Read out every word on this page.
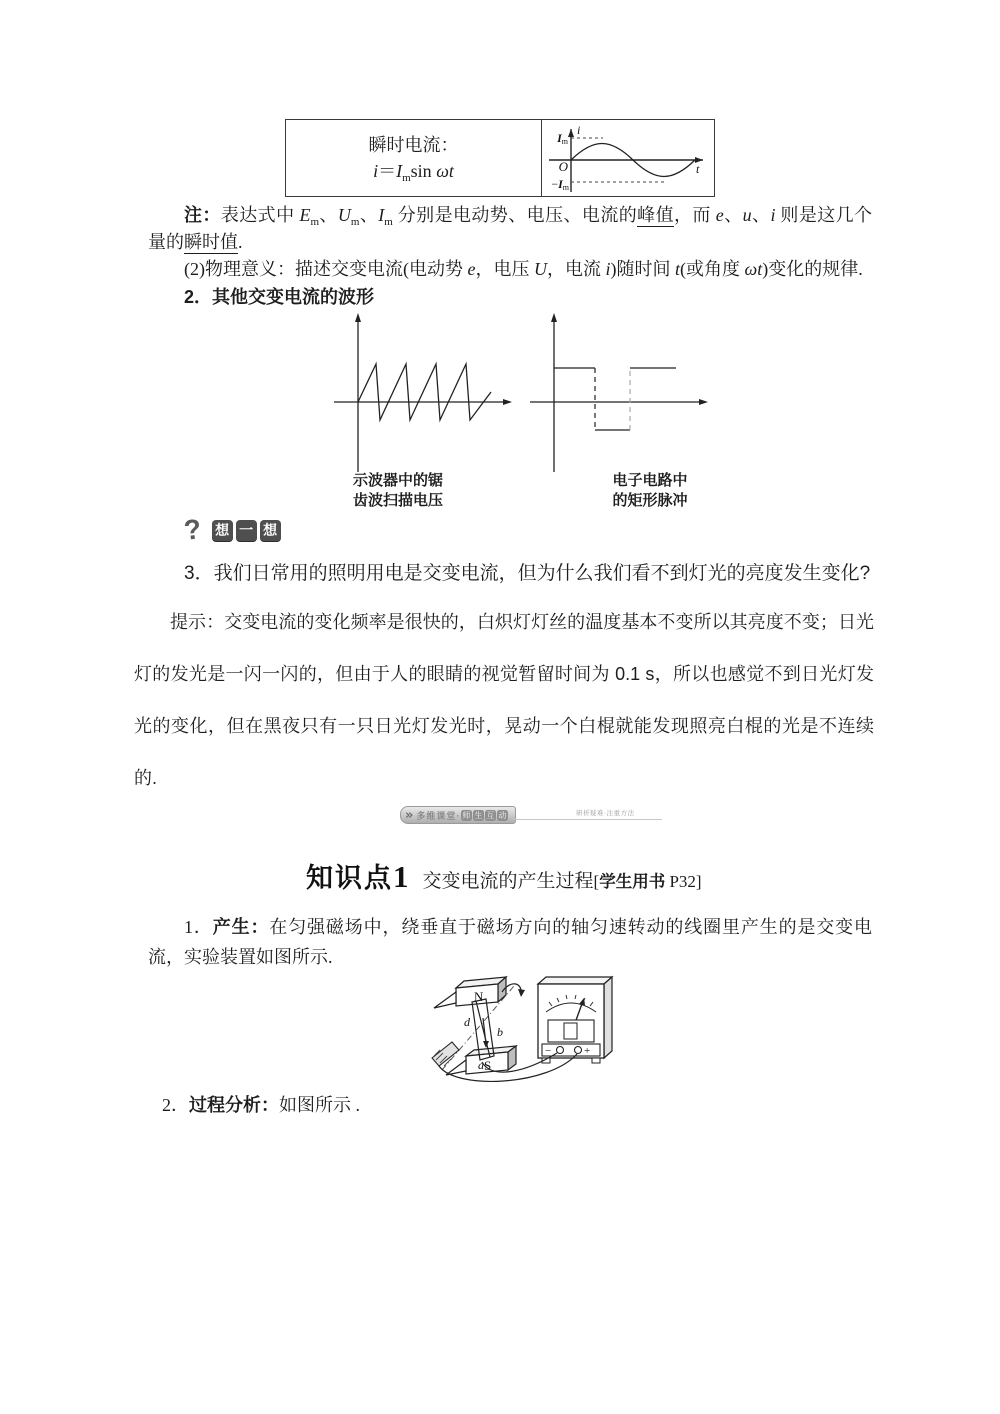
瞬时电流：
$i=I_m\sin$ ωt
Im
O
−Im
i
t

注：表达式中 $E_m$、$U_m$、$I_m$ 分别是电动势、电压、电流的峰值，而 e、u、i 则是这几个量的瞬时值.

(2)物理意义：描述交变电流(电动势 e，电压 U，电流 i)随时间 t(或角度 ωt)变化的规律.

2．其他交变电流的波形

示波器中的锯
齿波扫描电压
电子电路中
的矩形脉冲
? 想 一 想

3．我们日常用的照明用电是交变电流，但为什么我们看不到灯光的亮度发生变化?

提示：交变电流的变化频率是很快的，白炽灯灯丝的温度基本不变所以其亮度不变；日光灯的发光是一闪一闪的，但由于人的眼睛的视觉暂留时间为 0.1 s，所以也感觉不到日光灯发光的变化，但在黑夜只有一只日光灯发光时，晃动一个白棍就能发现照亮白棍的光是不连续的.

» 多维课堂· 师 生 互 动	研析疑难·注重方法
知识点1 交变电流的产生过程[学生用书 P32]

1．产生：在匀强磁场中，绕垂直于磁场方向的轴匀速转动的线圈里产生的是交变电流，实验装置如图所示.

N
S
d
b
a
−	+

2．过程分析：如图所示 .
